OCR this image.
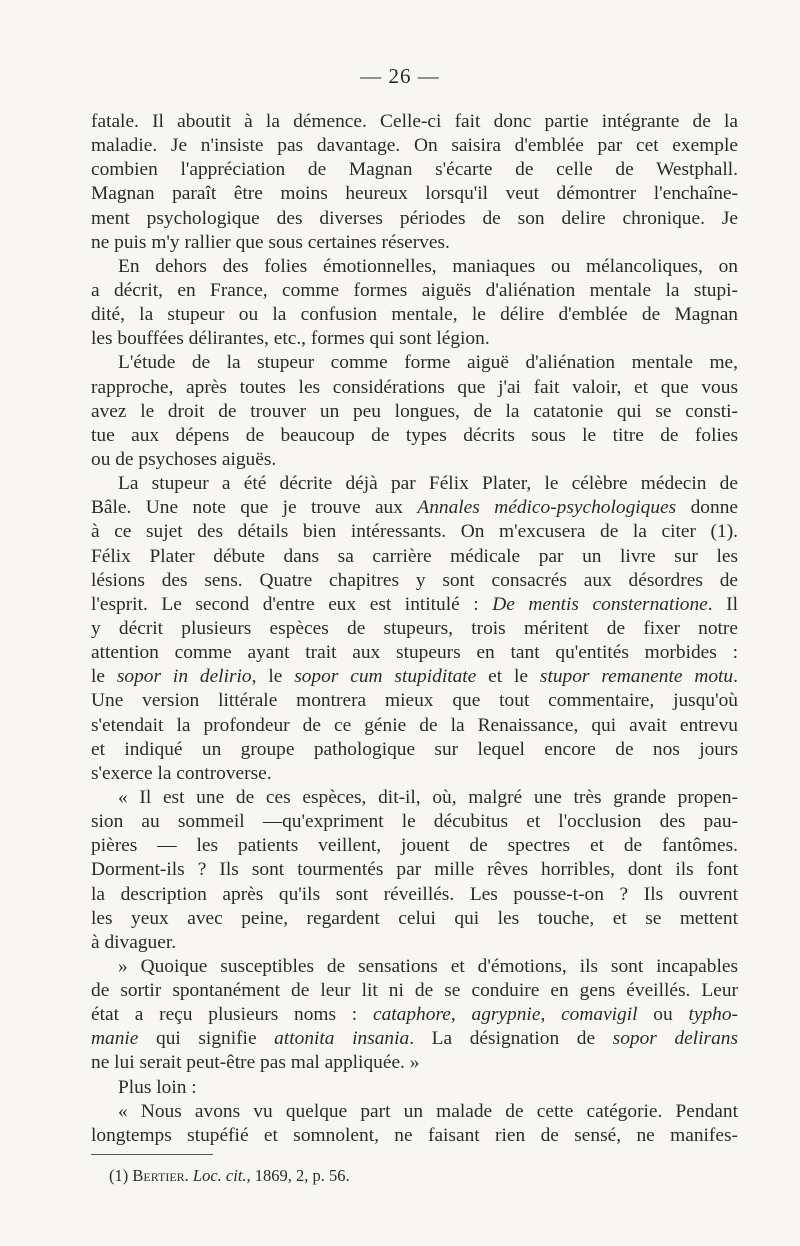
— 26 —
fatale. Il aboutit à la démence. Celle-ci fait donc partie intégrante de la
maladie. Je n'insiste pas davantage. On saisira d'emblée par cet exemple
combien l'appréciation de Magnan s'écarte de celle de Westphall.
Magnan paraît être moins heureux lorsqu'il veut démontrer l'enchaîne-
ment psychologique des diverses périodes de son delire chronique. Je
ne puis m'y rallier que sous certaines réserves.
En dehors des folies émotionnelles, maniaques ou mélancoliques, on
a décrit, en France, comme formes aiguës d'aliénation mentale la stupi-
dité, la stupeur ou la confusion mentale, le délire d'emblée de Magnan
les bouffées délirantes, etc., formes qui sont légion.
L'étude de la stupeur comme forme aiguë d'aliénation mentale me,
rapproche, après toutes les considérations que j'ai fait valoir, et que vous
avez le droit de trouver un peu longues, de la catatonie qui se consti-
tue aux dépens de beaucoup de types décrits sous le titre de folies
ou de psychoses aiguës.
La stupeur a été décrite déjà par Félix Plater, le célèbre médecin de
Bâle. Une note que je trouve aux Annales médico-psychologiques donne
à ce sujet des détails bien intéressants. On m'excusera de la citer (1).
Félix Plater débute dans sa carrière médicale par un livre sur les
lésions des sens. Quatre chapitres y sont consacrés aux désordres de
l'esprit. Le second d'entre eux est intitulé : De mentis consternatione. Il
y décrit plusieurs espèces de stupeurs, trois méritent de fixer notre
attention comme ayant trait aux stupeurs en tant qu'entités morbides :
le sopor in delirio, le sopor cum stupiditate et le stupor remanente motu.
Une version littérale montrera mieux que tout commentaire, jusqu'où
s'etendait la profondeur de ce génie de la Renaissance, qui avait entrevu
et indiqué un groupe pathologique sur lequel encore de nos jours
s'exerce la controverse.
« Il est une de ces espèces, dit-il, où, malgré une très grande propen-
sion au sommeil —qu'expriment le décubitus et l'occlusion des pau-
pières — les patients veillent, jouent de spectres et de fantômes.
Dorment-ils ? Ils sont tourmentés par mille rêves horribles, dont ils font
la description après qu'ils sont réveillés. Les pousse-t-on ? Ils ouvrent
les yeux avec peine, regardent celui qui les touche, et se mettent
à divaguer.
» Quoique susceptibles de sensations et d'émotions, ils sont incapables
de sortir spontanément de leur lit ni de se conduire en gens éveillés. Leur
état a reçu plusieurs noms : cataphore, agrypnie, comavigil ou typho-
manie qui signifie attonita insania. La désignation de sopor delirans
ne lui serait peut-être pas mal appliquée. »
Plus loin :
« Nous avons vu quelque part un malade de cette catégorie. Pendant
longtemps stupéfié et somnolent, ne faisant rien de sensé, ne manifes-
(1) Bertier. Loc. cit., 1869, 2, p. 56.
